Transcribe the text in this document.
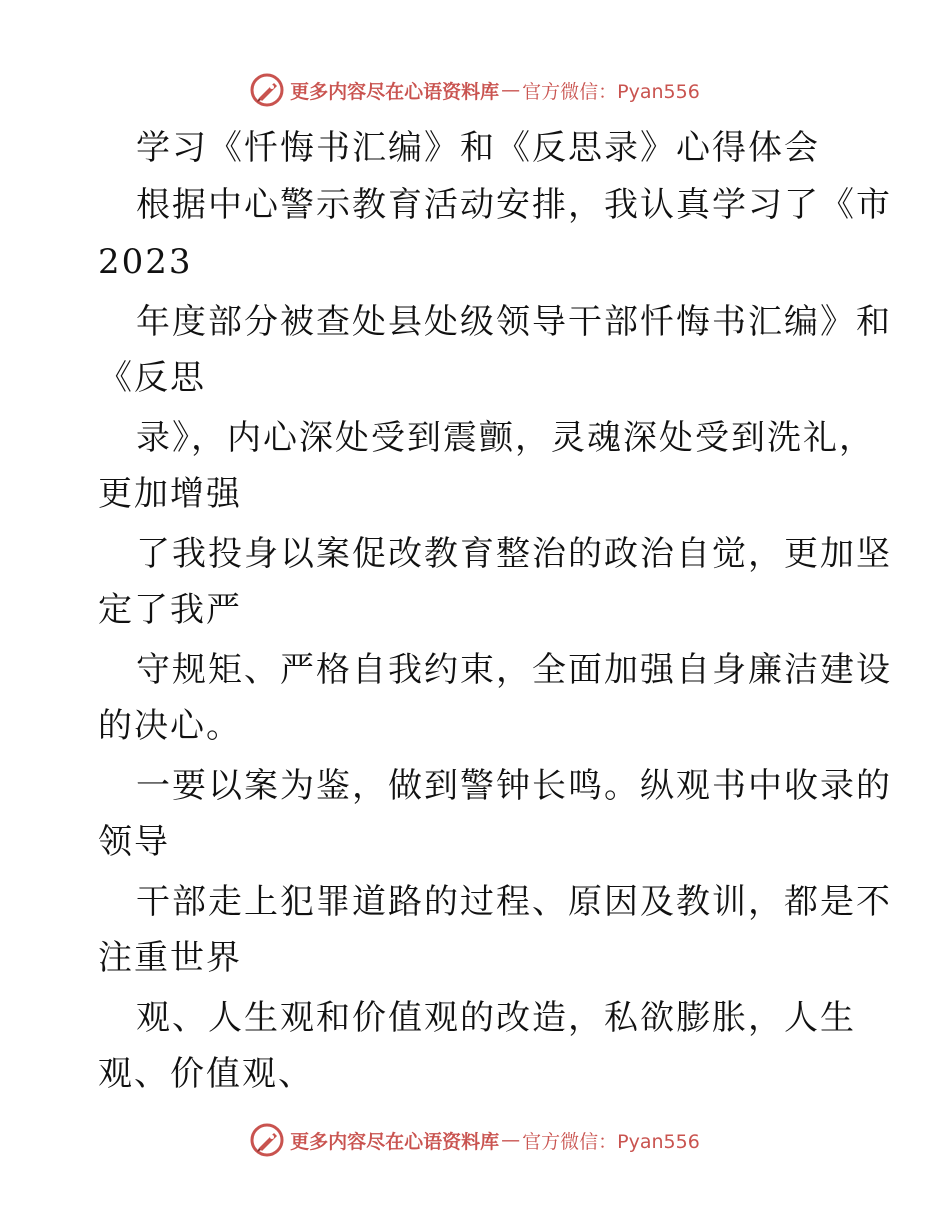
更多内容尽在心语资料库 — 官方微信：Pyan556

学习《忏悔书汇编》和《反思录》心得体会

根据中心警示教育活动安排，我认真学习了《市

2023

年度部分被查处县处级领导干部忏悔书汇编》和

《反思

录》，内心深处受到震颤，灵魂深处受到洗礼，

更加增强

了我投身以案促改教育整治的政治自觉，更加坚

定了我严

守规矩、严格自我约束，全面加强自身廉洁建设

的决心。

一要以案为鉴，做到警钟长鸣。纵观书中收录的

领导

干部走上犯罪道路的过程、原因及教训，都是不

注重世界

观、人生观和价值观的改造，私欲膨胀，人生

观、价值观、

更多内容尽在心语资料库 — 官方微信：Pyan556
